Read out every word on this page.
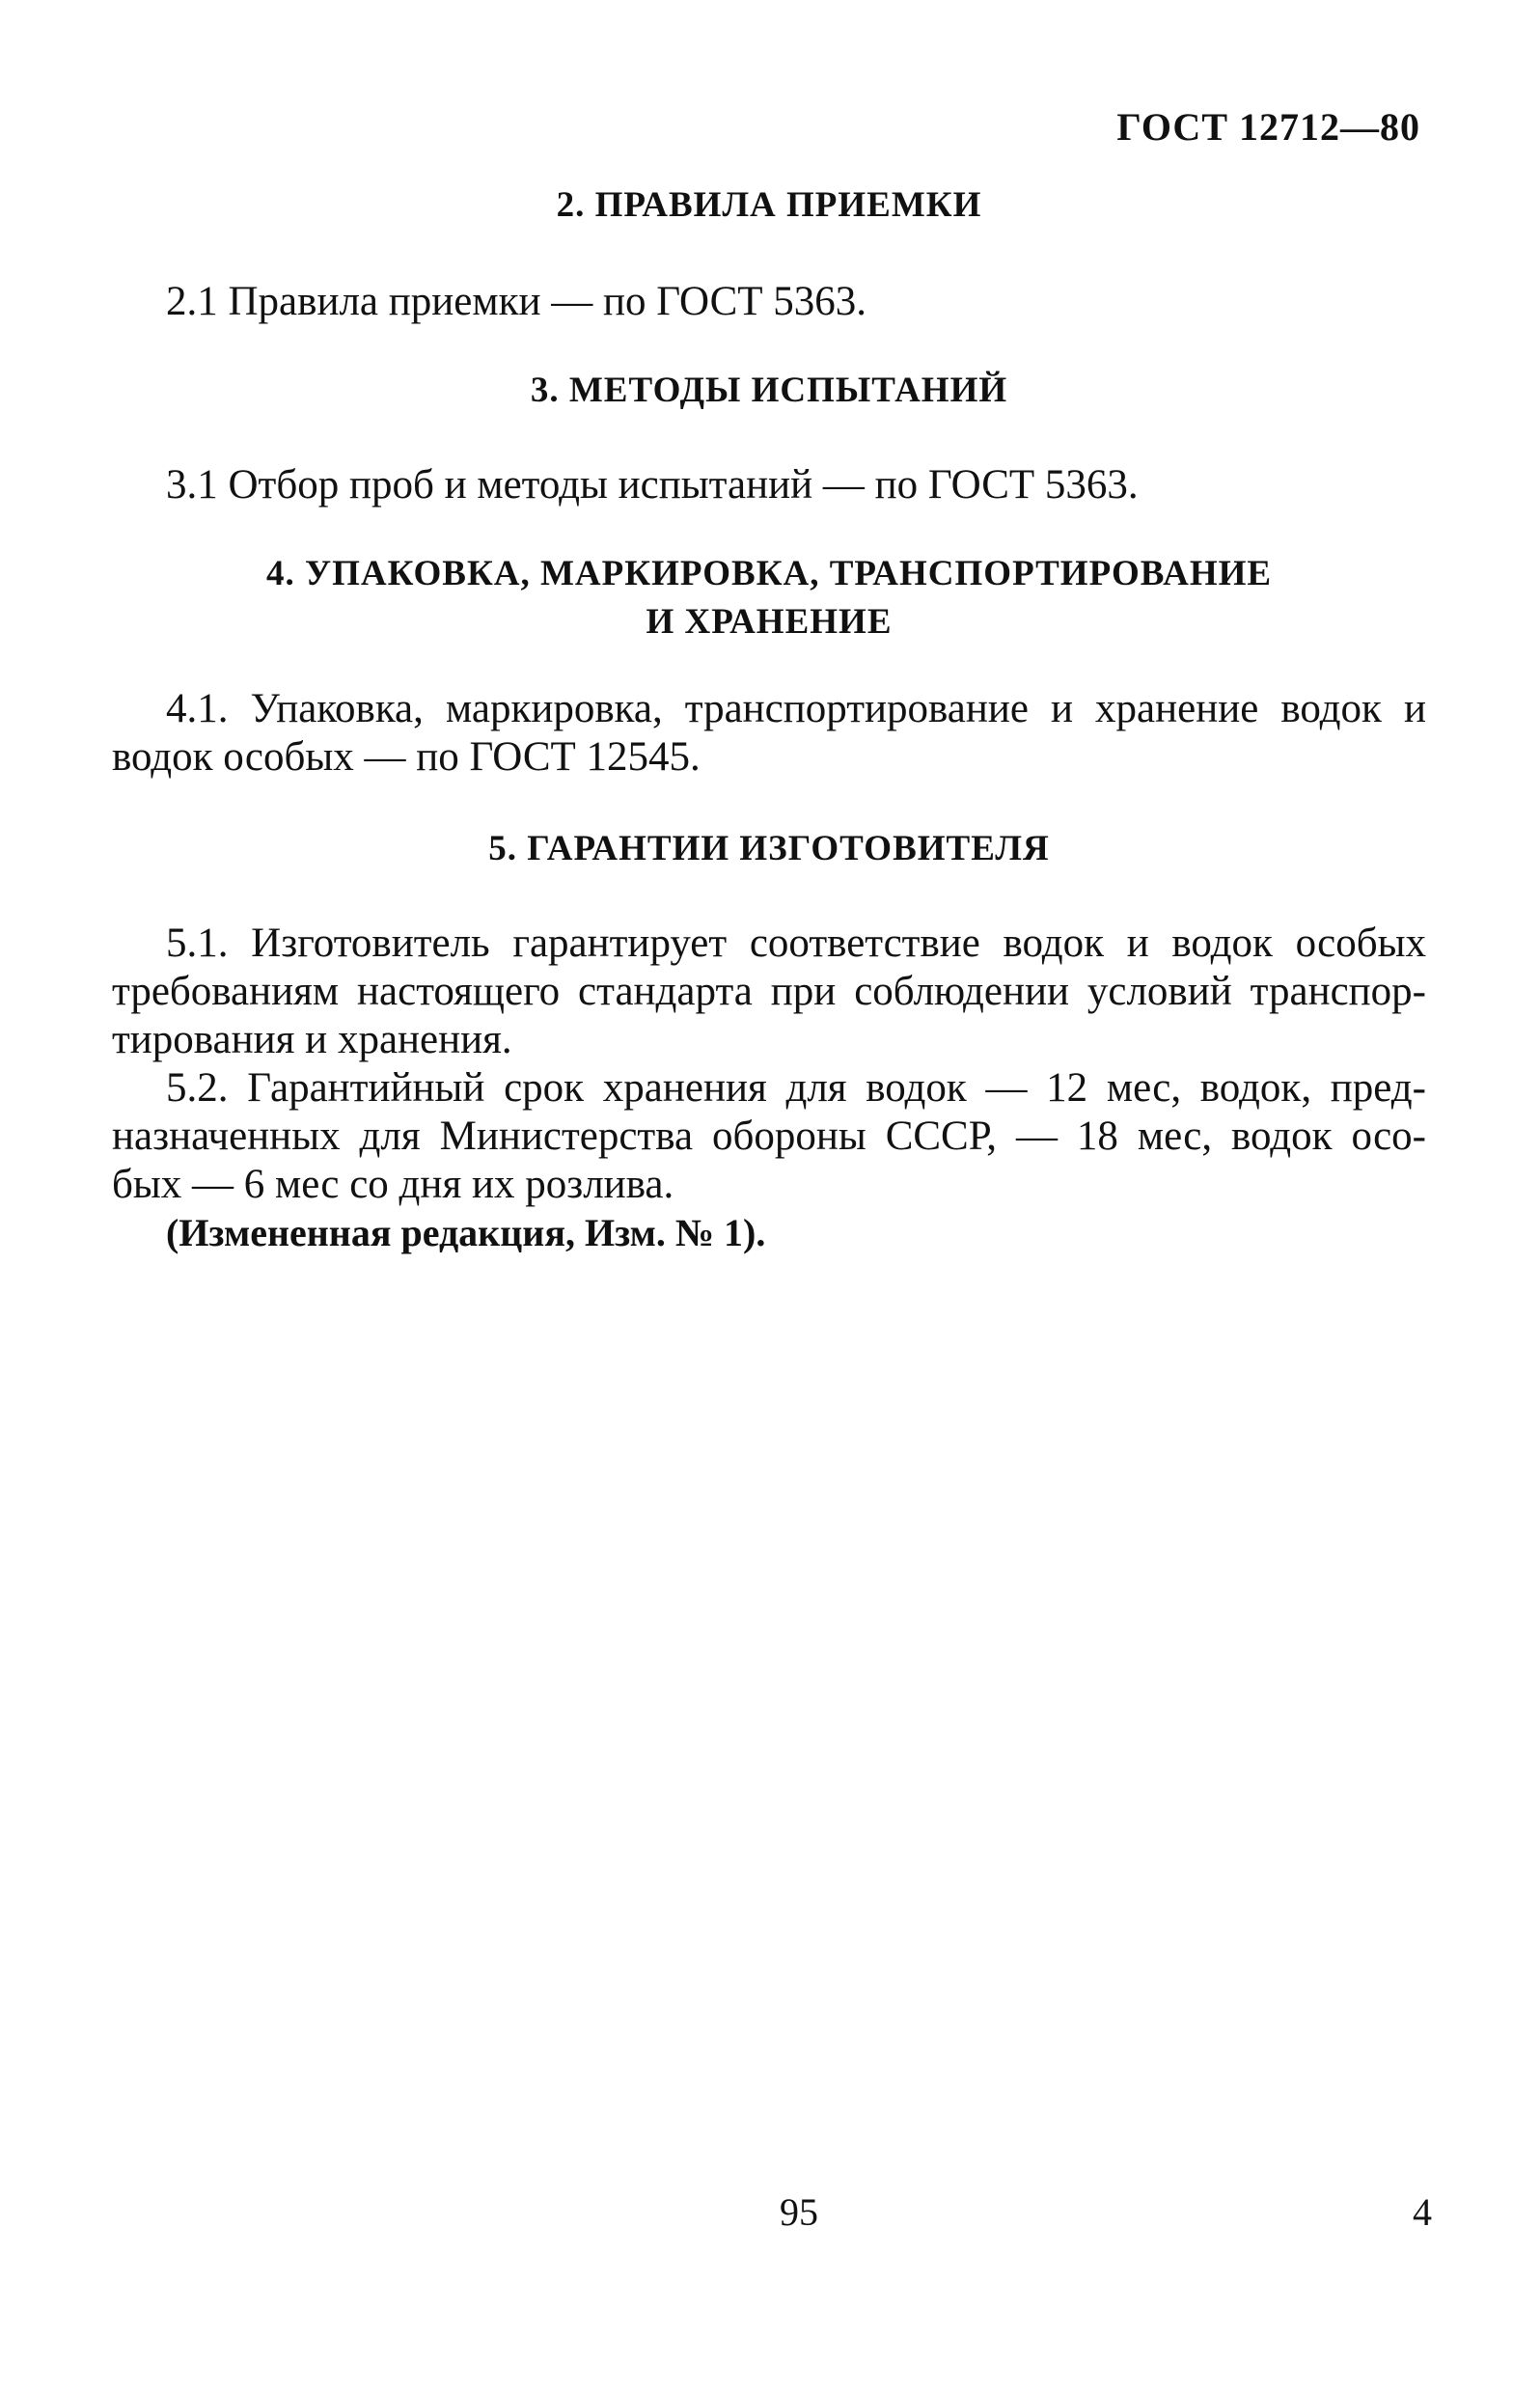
ГОСТ 12712—80
2. ПРАВИЛА ПРИЕМКИ
2.1 Правила приемки — по ГОСТ 5363.
3. МЕТОДЫ ИСПЫТАНИЙ
3.1 Отбор проб и методы испытаний — по ГОСТ 5363.
4. УПАКОВКА, МАРКИРОВКА, ТРАНСПОРТИРОВАНИЕ
И ХРАНЕНИЕ
4.1. Упаковка, маркировка, транспортирование и хранение водок и
водок особых — по ГОСТ 12545.
5. ГАРАНТИИ ИЗГОТОВИТЕЛЯ
5.1. Изготовитель гарантирует соответствие водок и водок особых
требованиям настоящего стандарта при соблюдении условий транспор-
тирования и хранения.
5.2. Гарантийный срок хранения для водок — 12 мес, водок, пред-
назначенных для Министерства обороны СССР, — 18 мес, водок осо-
бых — 6 мес со дня их розлива.
(Измененная редакция, Изм. № 1).
95	4
